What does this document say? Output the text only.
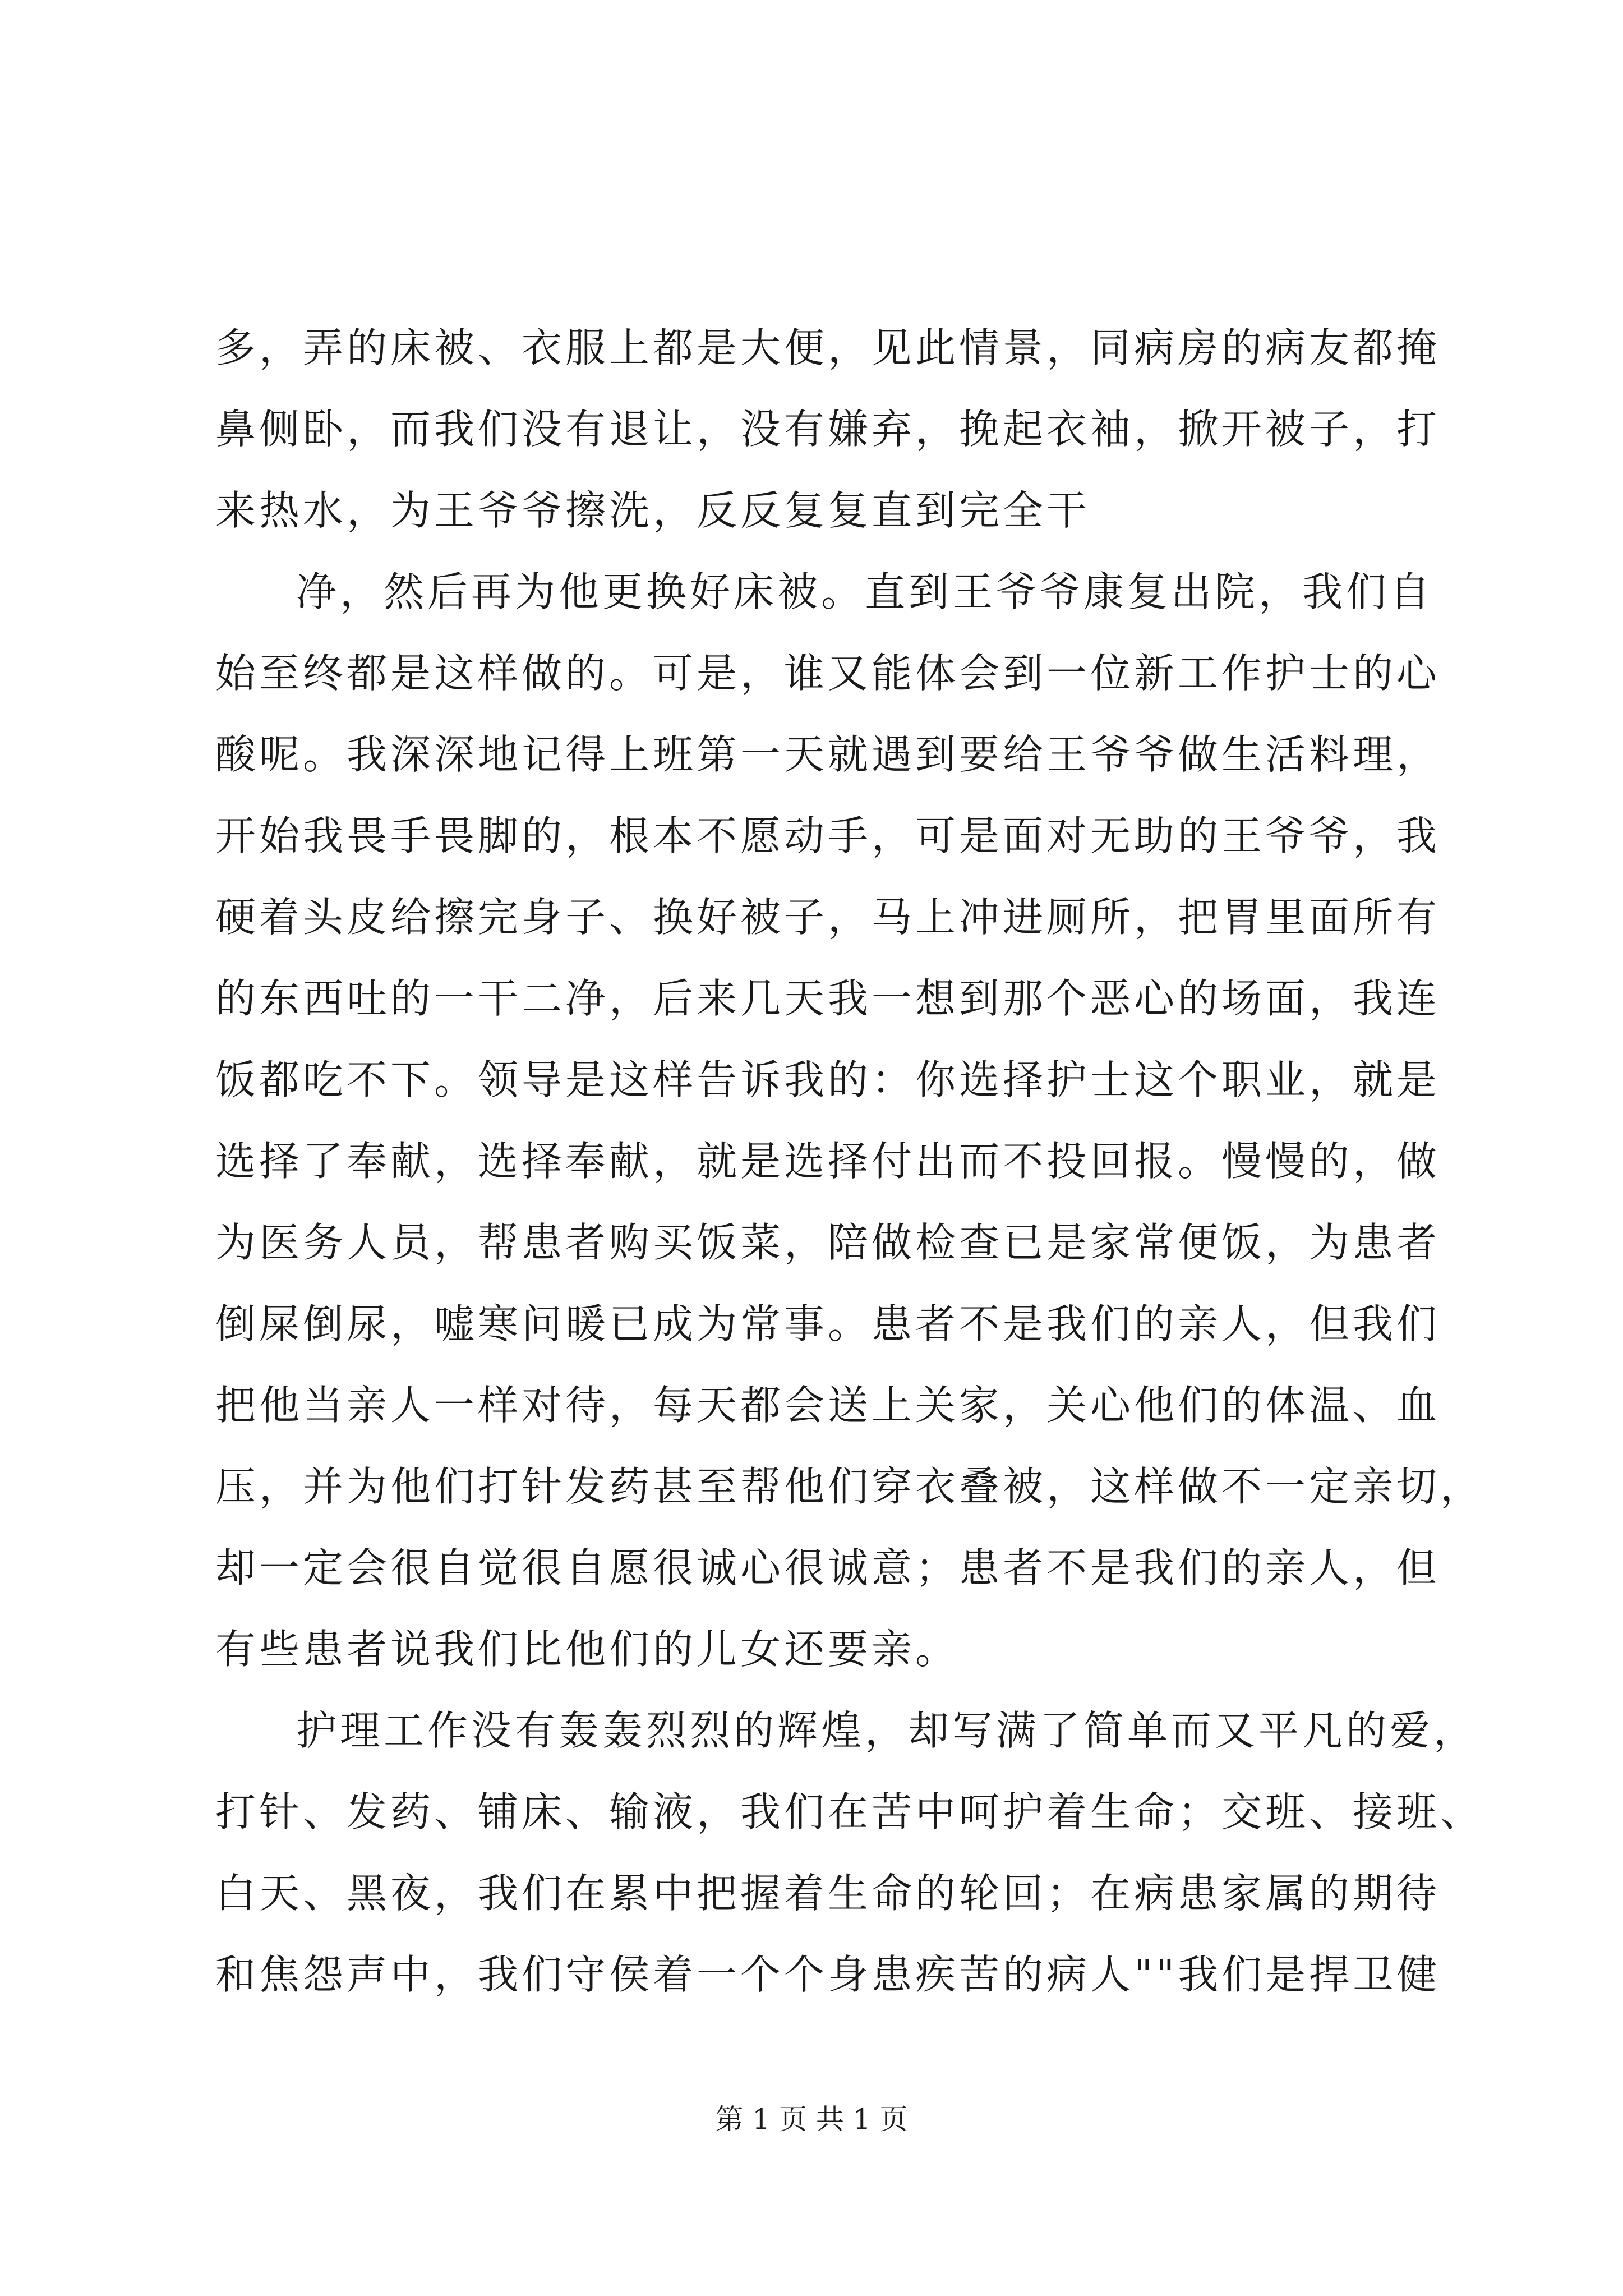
多，弄的床被、衣服上都是大便，见此情景，同病房的病友都掩
鼻侧卧，而我们没有退让，没有嫌弃，挽起衣袖，掀开被子，打
来热水，为王爷爷擦洗，反反复复直到完全干
净，然后再为他更换好床被。直到王爷爷康复出院，我们自
始至终都是这样做的。可是，谁又能体会到一位新工作护士的心
酸呢。我深深地记得上班第一天就遇到要给王爷爷做生活料理，
开始我畏手畏脚的，根本不愿动手，可是面对无助的王爷爷，我
硬着头皮给擦完身子、换好被子，马上冲进厕所，把胃里面所有
的东西吐的一干二净，后来几天我一想到那个恶心的场面，我连
饭都吃不下。领导是这样告诉我的：你选择护士这个职业，就是
选择了奉献，选择奉献，就是选择付出而不投回报。慢慢的，做
为医务人员，帮患者购买饭菜，陪做检查已是家常便饭，为患者
倒屎倒尿，嘘寒问暖已成为常事。患者不是我们的亲人，但我们
把他当亲人一样对待，每天都会送上关家，关心他们的体温、血
压，并为他们打针发药甚至帮他们穿衣叠被，这样做不一定亲切，
却一定会很自觉很自愿很诚心很诚意；患者不是我们的亲人，但
有些患者说我们比他们的儿女还要亲。
护理工作没有轰轰烈烈的辉煌，却写满了简单而又平凡的爱，
打针、发药、铺床、输液，我们在苦中呵护着生命；交班、接班、
白天、黑夜，我们在累中把握着生命的轮回；在病患家属的期待
和焦怨声中，我们守侯着一个个身患疾苦的病人""我们是捍卫健
第 1 页 共 1 页
